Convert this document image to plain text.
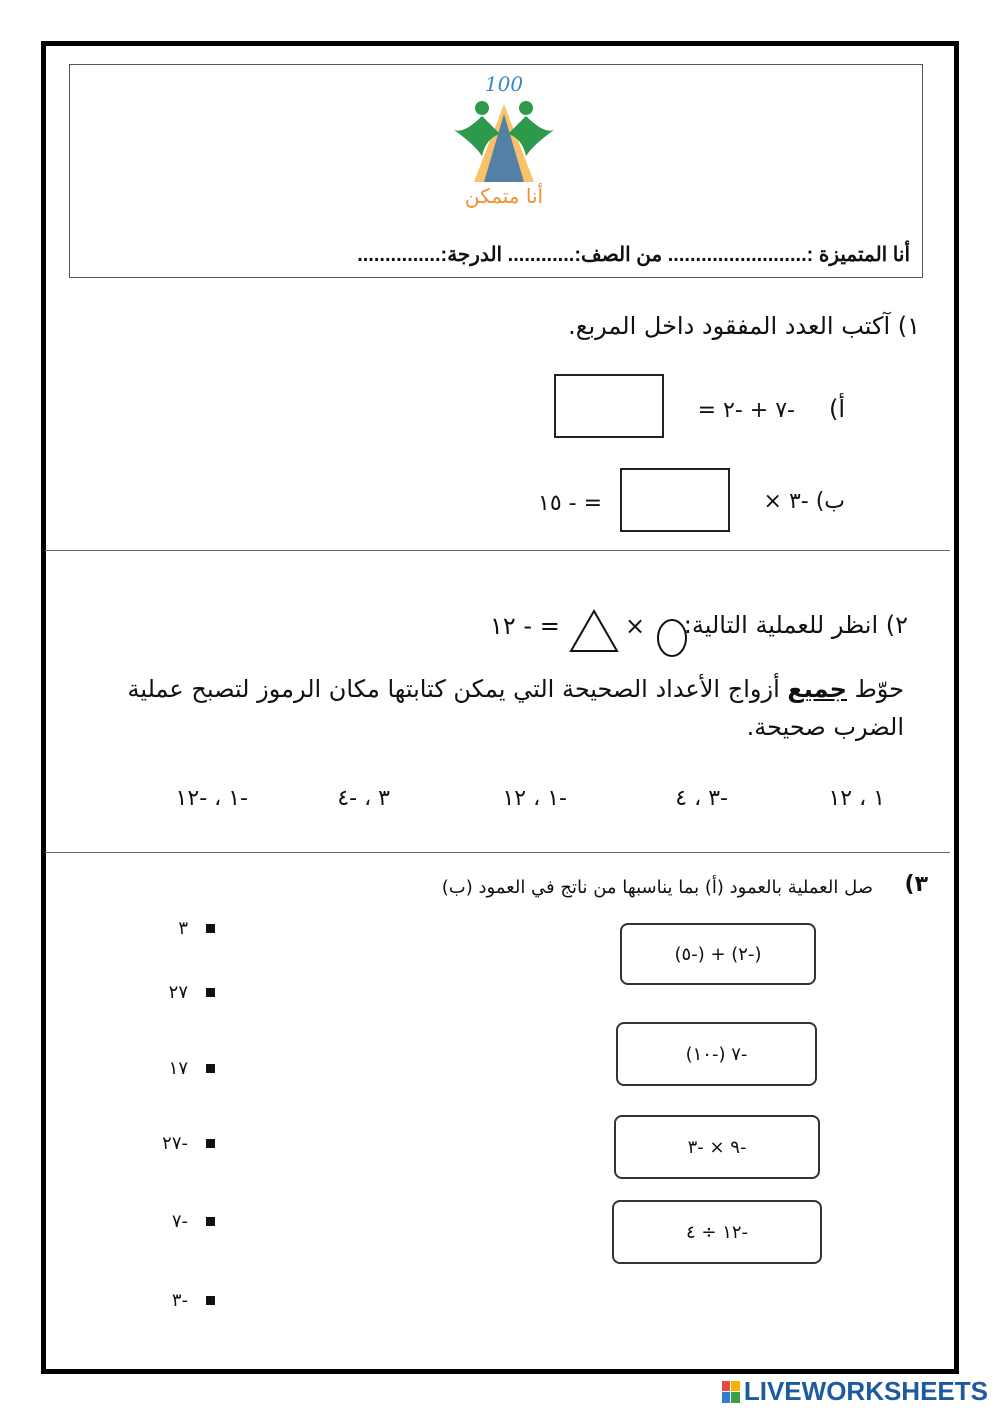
100
أنا متمكن
أنا المتميزة :......................... من الصف:............ الدرجة:...............
١) آكتب العدد المفقود داخل المربع.
أ)
-٧ + -٢ =
ب) -٣ ×
= - ١٥
٢) انظر للعملية التالية:
×
= - ١٢
حوّط جميع أزواج الأعداد الصحيحة التي يمكن كتابتها مكان الرموز لتصبح عملية الضرب صحيحة.
١ ، ١٢
-٣ ، ٤
-١ ، ١٢
٣ ، -٤
-١ ، -١٢
٣)
صل العملية بالعمود (أ) بما يناسبها من ناتج في العمود (ب)
(-٢) + (-٥)
-٧ (-١٠)
-٩ × -٣
-١٢ ÷ ٤
٣
٢٧
١٧
-٢٧
-٧
-٣
LIVEWORKSHEETS
